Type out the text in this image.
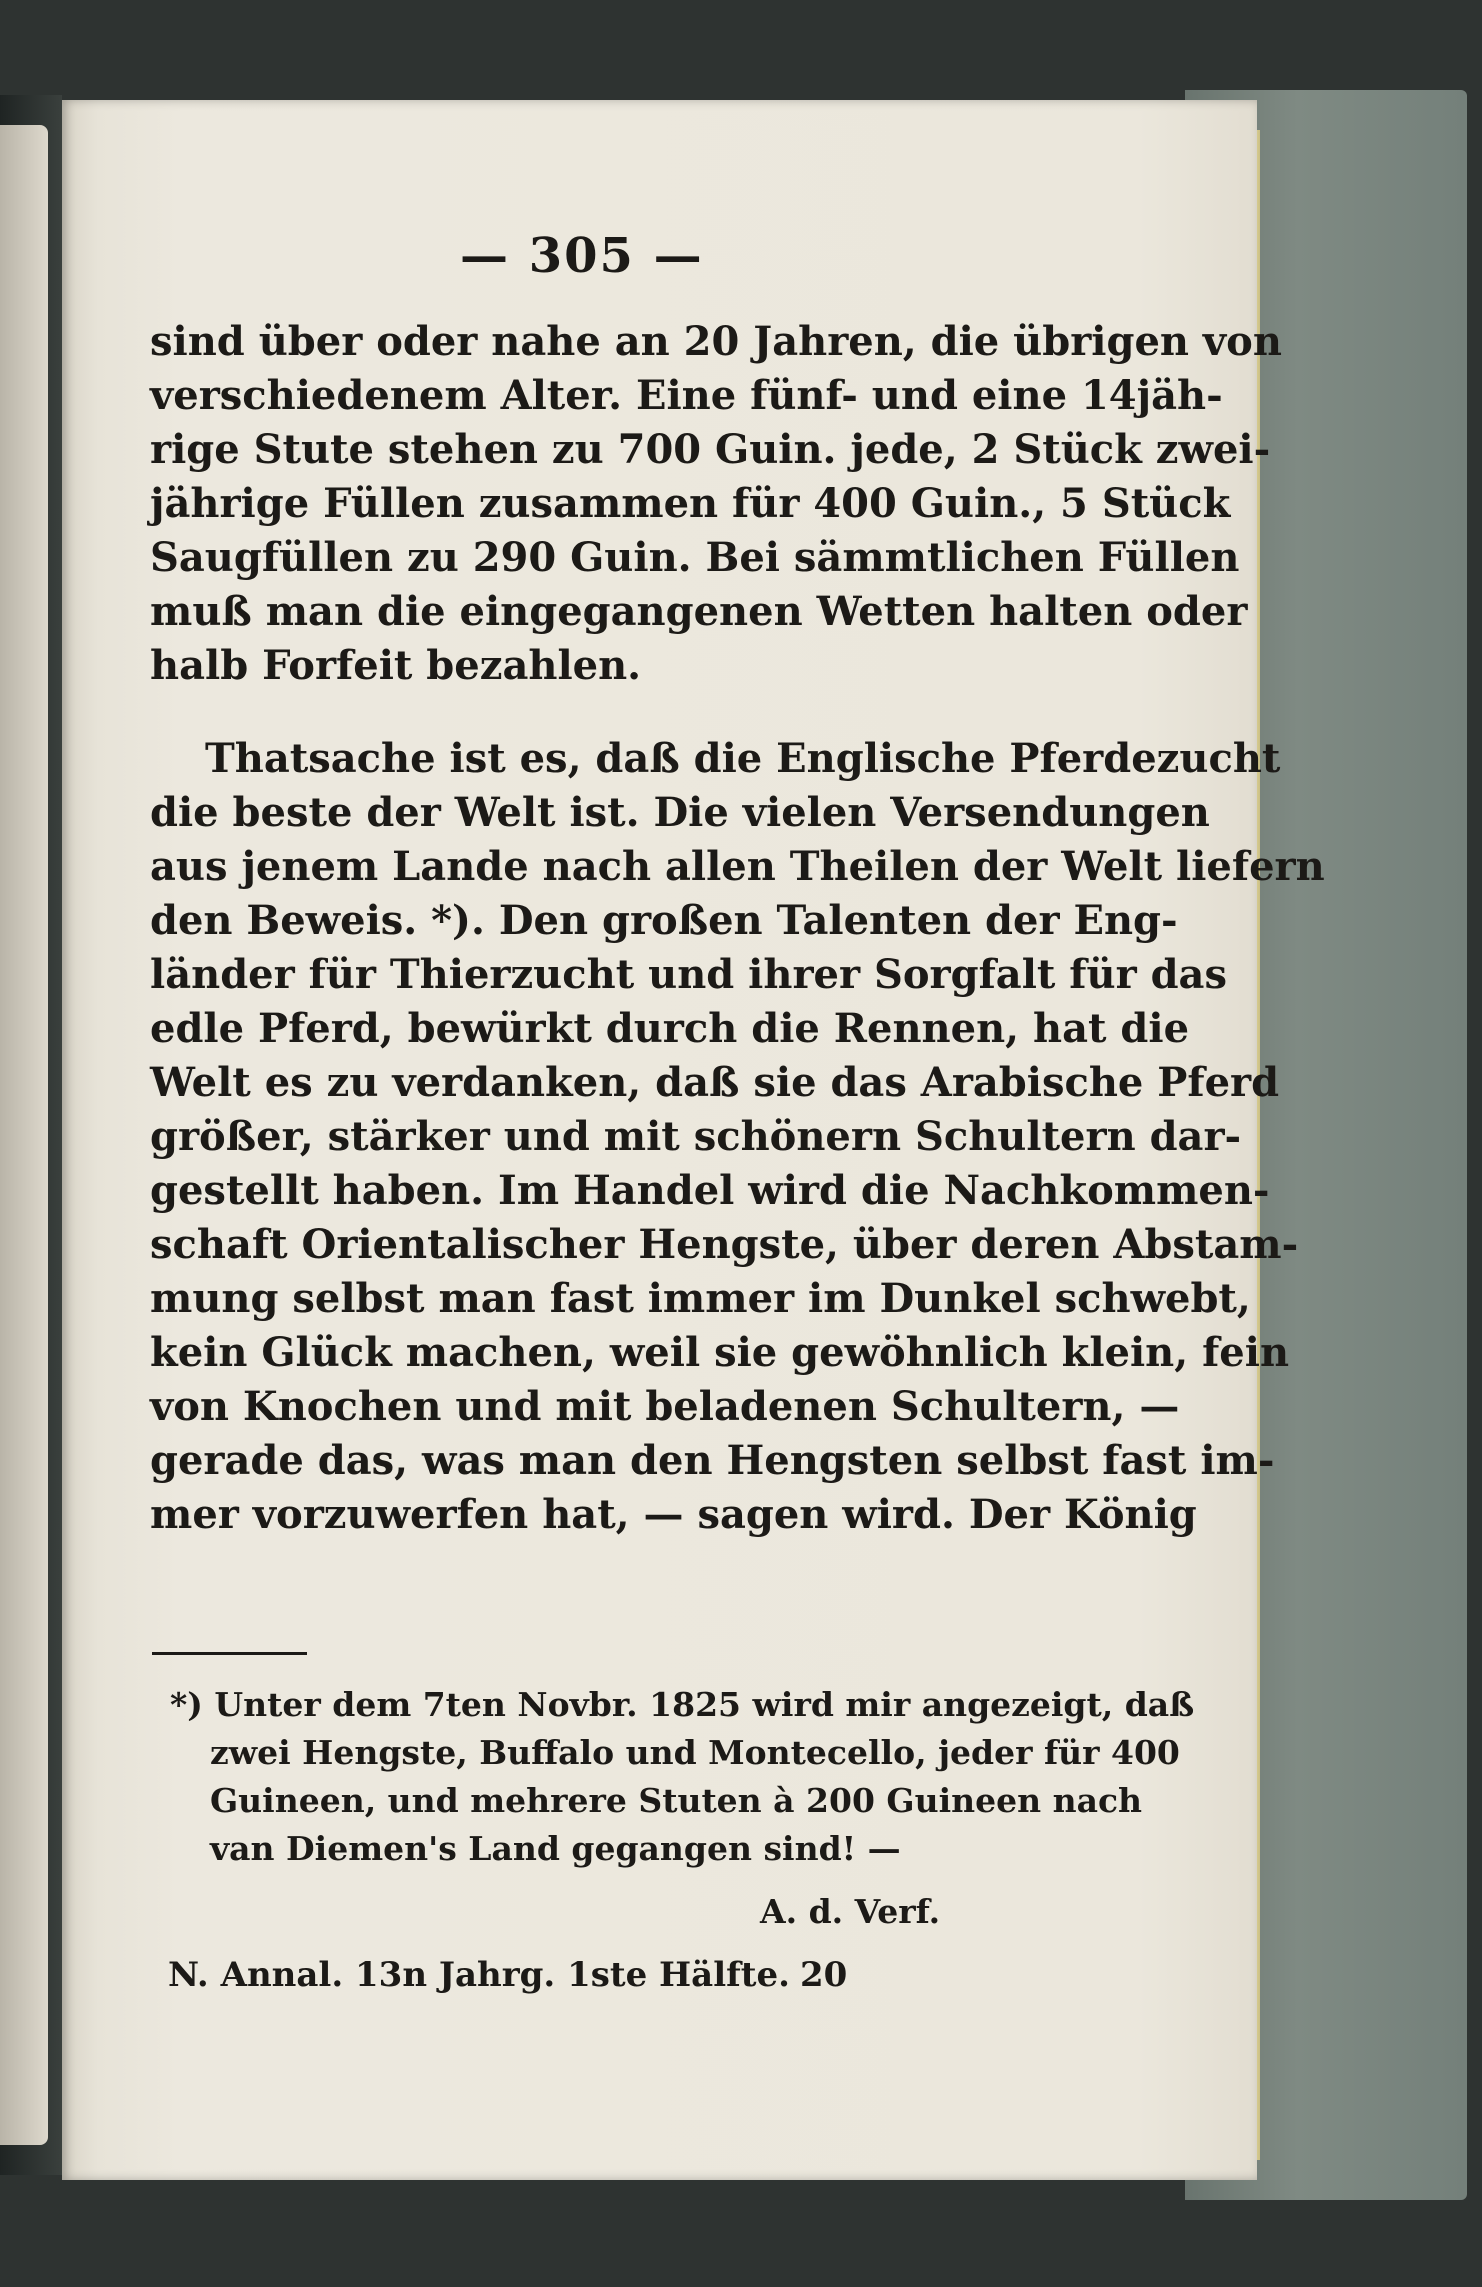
— 305 —
sind über oder nahe an 20 Jahren, die übrigen von
verschiedenem Alter. Eine fünf- und eine 14jäh-
rige Stute stehen zu 700 Guin. jede, 2 Stück zwei-
jährige Füllen zusammen für 400 Guin., 5 Stück
Saugfüllen zu 290 Guin. Bei sämmtlichen Füllen
muß man die eingegangenen Wetten halten oder
halb Forfeit bezahlen.
Thatsache ist es, daß die Englische Pferdezucht
die beste der Welt ist. Die vielen Versendungen
aus jenem Lande nach allen Theilen der Welt liefern
den Beweis. *). Den großen Talenten der Eng-
länder für Thierzucht und ihrer Sorgfalt für das
edle Pferd, bewürkt durch die Rennen, hat die
Welt es zu verdanken, daß sie das Arabische Pferd
größer, stärker und mit schönern Schultern dar-
gestellt haben. Im Handel wird die Nachkommen-
schaft Orientalischer Hengste, über deren Abstam-
mung selbst man fast immer im Dunkel schwebt,
kein Glück machen, weil sie gewöhnlich klein, fein
von Knochen und mit beladenen Schultern, —
gerade das, was man den Hengsten selbst fast im-
mer vorzuwerfen hat, — sagen wird. Der König
*) Unter dem 7ten Novbr. 1825 wird mir angezeigt, daß
zwei Hengste, Buffalo und Montecello, jeder für 400
Guineen, und mehrere Stuten à 200 Guineen nach
van Diemen's Land gegangen sind! —
A. d. Verf.
N. Annal. 13n Jahrg. 1ste Hälfte. 20
